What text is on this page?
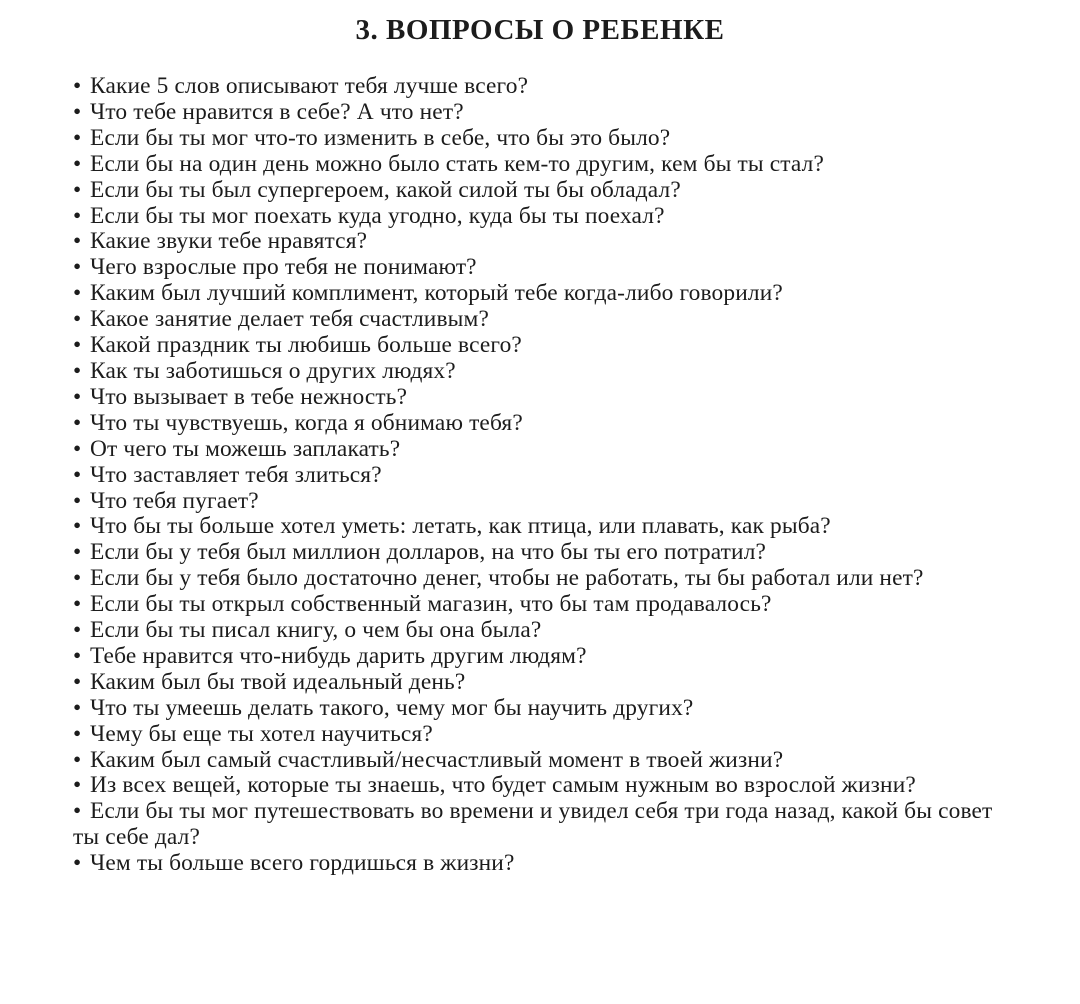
3. ВОПРОСЫ О РЕБЕНКЕ
• Какие 5 слов описывают тебя лучше всего?
• Что тебе нравится в себе? А что нет?
• Если бы ты мог что-то изменить в себе, что бы это было?
• Если бы на один день можно было стать кем-то другим, кем бы ты стал?
• Если бы ты был супергероем, какой силой ты бы обладал?
• Если бы ты мог поехать куда угодно, куда бы ты поехал?
• Какие звуки тебе нравятся?
• Чего взрослые про тебя не понимают?
• Каким был лучший комплимент, который тебе когда-либо говорили?
• Какое занятие делает тебя счастливым?
• Какой праздник ты любишь больше всего?
• Как ты заботишься о других людях?
• Что вызывает в тебе нежность?
• Что ты чувствуешь, когда я обнимаю тебя?
• От чего ты можешь заплакать?
• Что заставляет тебя злиться?
• Что тебя пугает?
• Что бы ты больше хотел уметь: летать, как птица, или плавать, как рыба?
• Если бы у тебя был миллион долларов, на что бы ты его потратил?
• Если бы у тебя было достаточно денег, чтобы не работать, ты бы работал или нет?
• Если бы ты открыл собственный магазин, что бы там продавалось?
• Если бы ты писал книгу, о чем бы она была?
• Тебе нравится что-нибудь дарить другим людям?
• Каким был бы твой идеальный день?
• Что ты умеешь делать такого, чему мог бы научить других?
• Чему бы еще ты хотел научиться?
• Каким был самый счастливый/несчастливый момент в твоей жизни?
• Из всех вещей, которые ты знаешь, что будет самым нужным во взрослой жизни?
• Если бы ты мог путешествовать во времени и увидел себя три года назад, какой бы совет ты себе дал?
• Чем ты больше всего гордишься в жизни?
